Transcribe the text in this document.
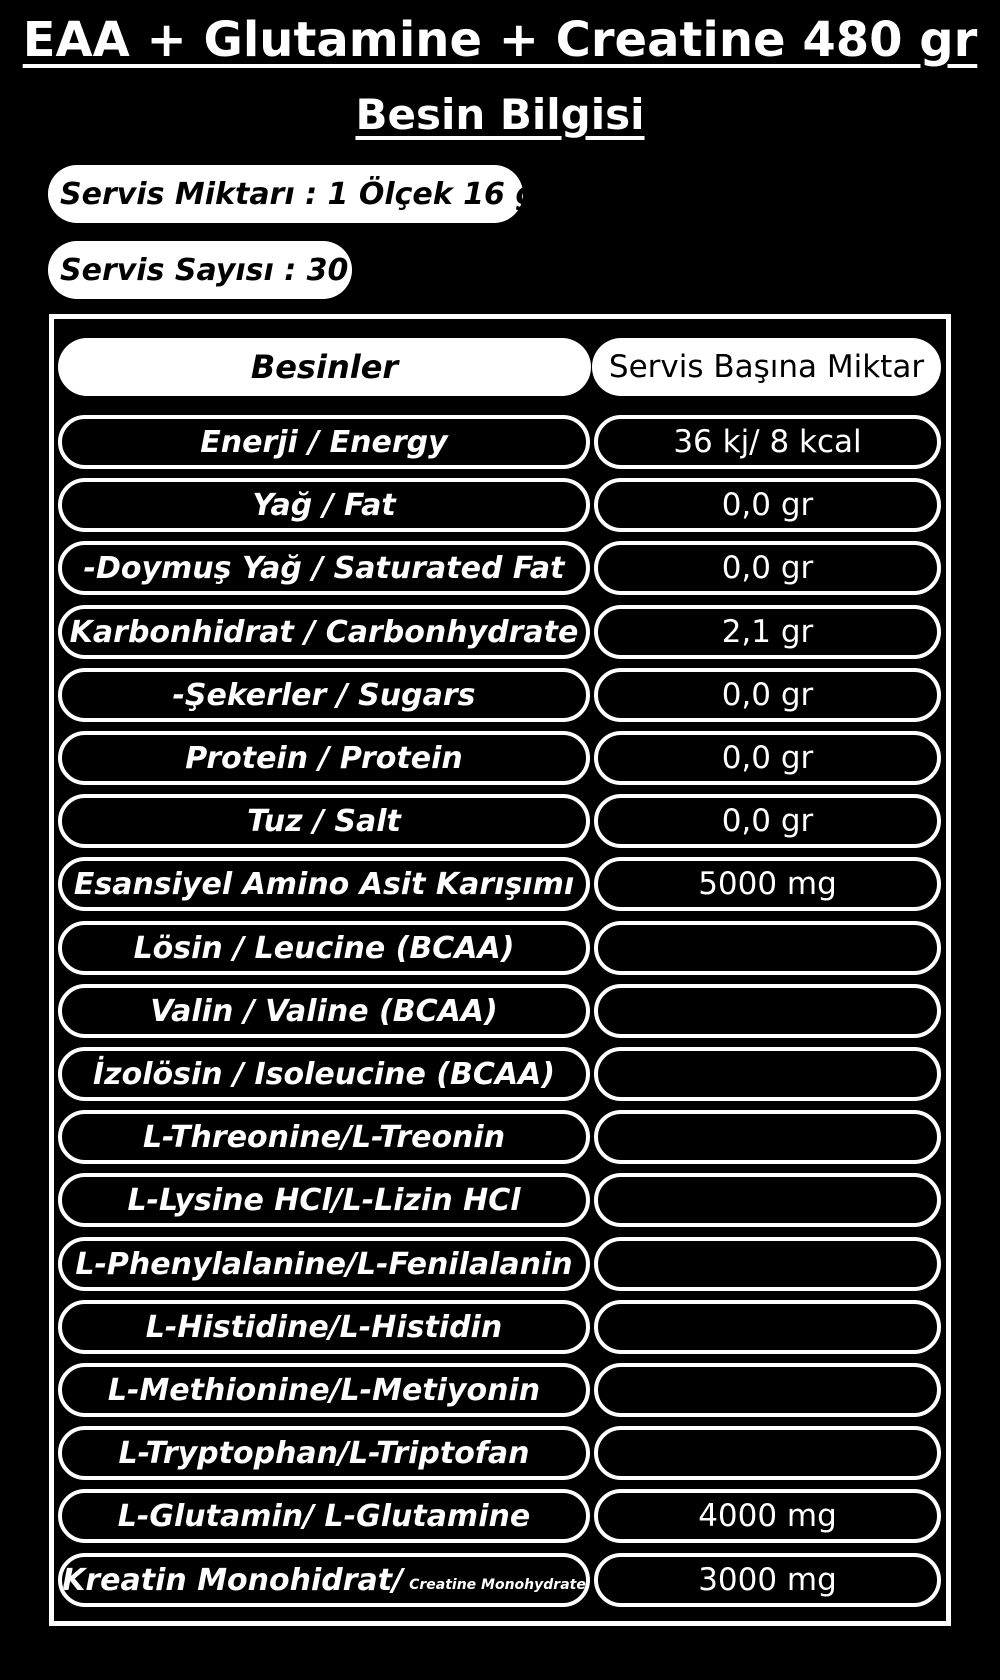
EAA + Glutamine + Creatine 480 gr
Besin Bilgisi
Servis Miktarı : 1 Ölçek 16 gr
Servis Sayısı : 30
Besinler	Servis Başına Miktar
Enerji / Energy	36 kj/ 8 kcal
Yağ / Fat	0,0 gr
-Doymuş Yağ / Saturated Fat	0,0 gr
Karbonhidrat / Carbonhydrate	2,1 gr
-Şekerler / Sugars	0,0 gr
Protein / Protein	0,0 gr
Tuz / Salt	0,0 gr
Esansiyel Amino Asit Karışımı	5000 mg
Lösin / Leucine (BCAA)
Valin / Valine (BCAA)
İzolösin / Isoleucine (BCAA)
L-Threonine/L-Treonin
L-Lysine HCl/L-Lizin HCl
L-Phenylalanine/L-Fenilalanin
L-Histidine/L-Histidin
L-Methionine/L-Metiyonin
L-Tryptophan/L-Triptofan
L-Glutamin/ L-Glutamine	4000 mg
Kreatin Monohidrat/ Creatine Monohydrate	3000 mg
